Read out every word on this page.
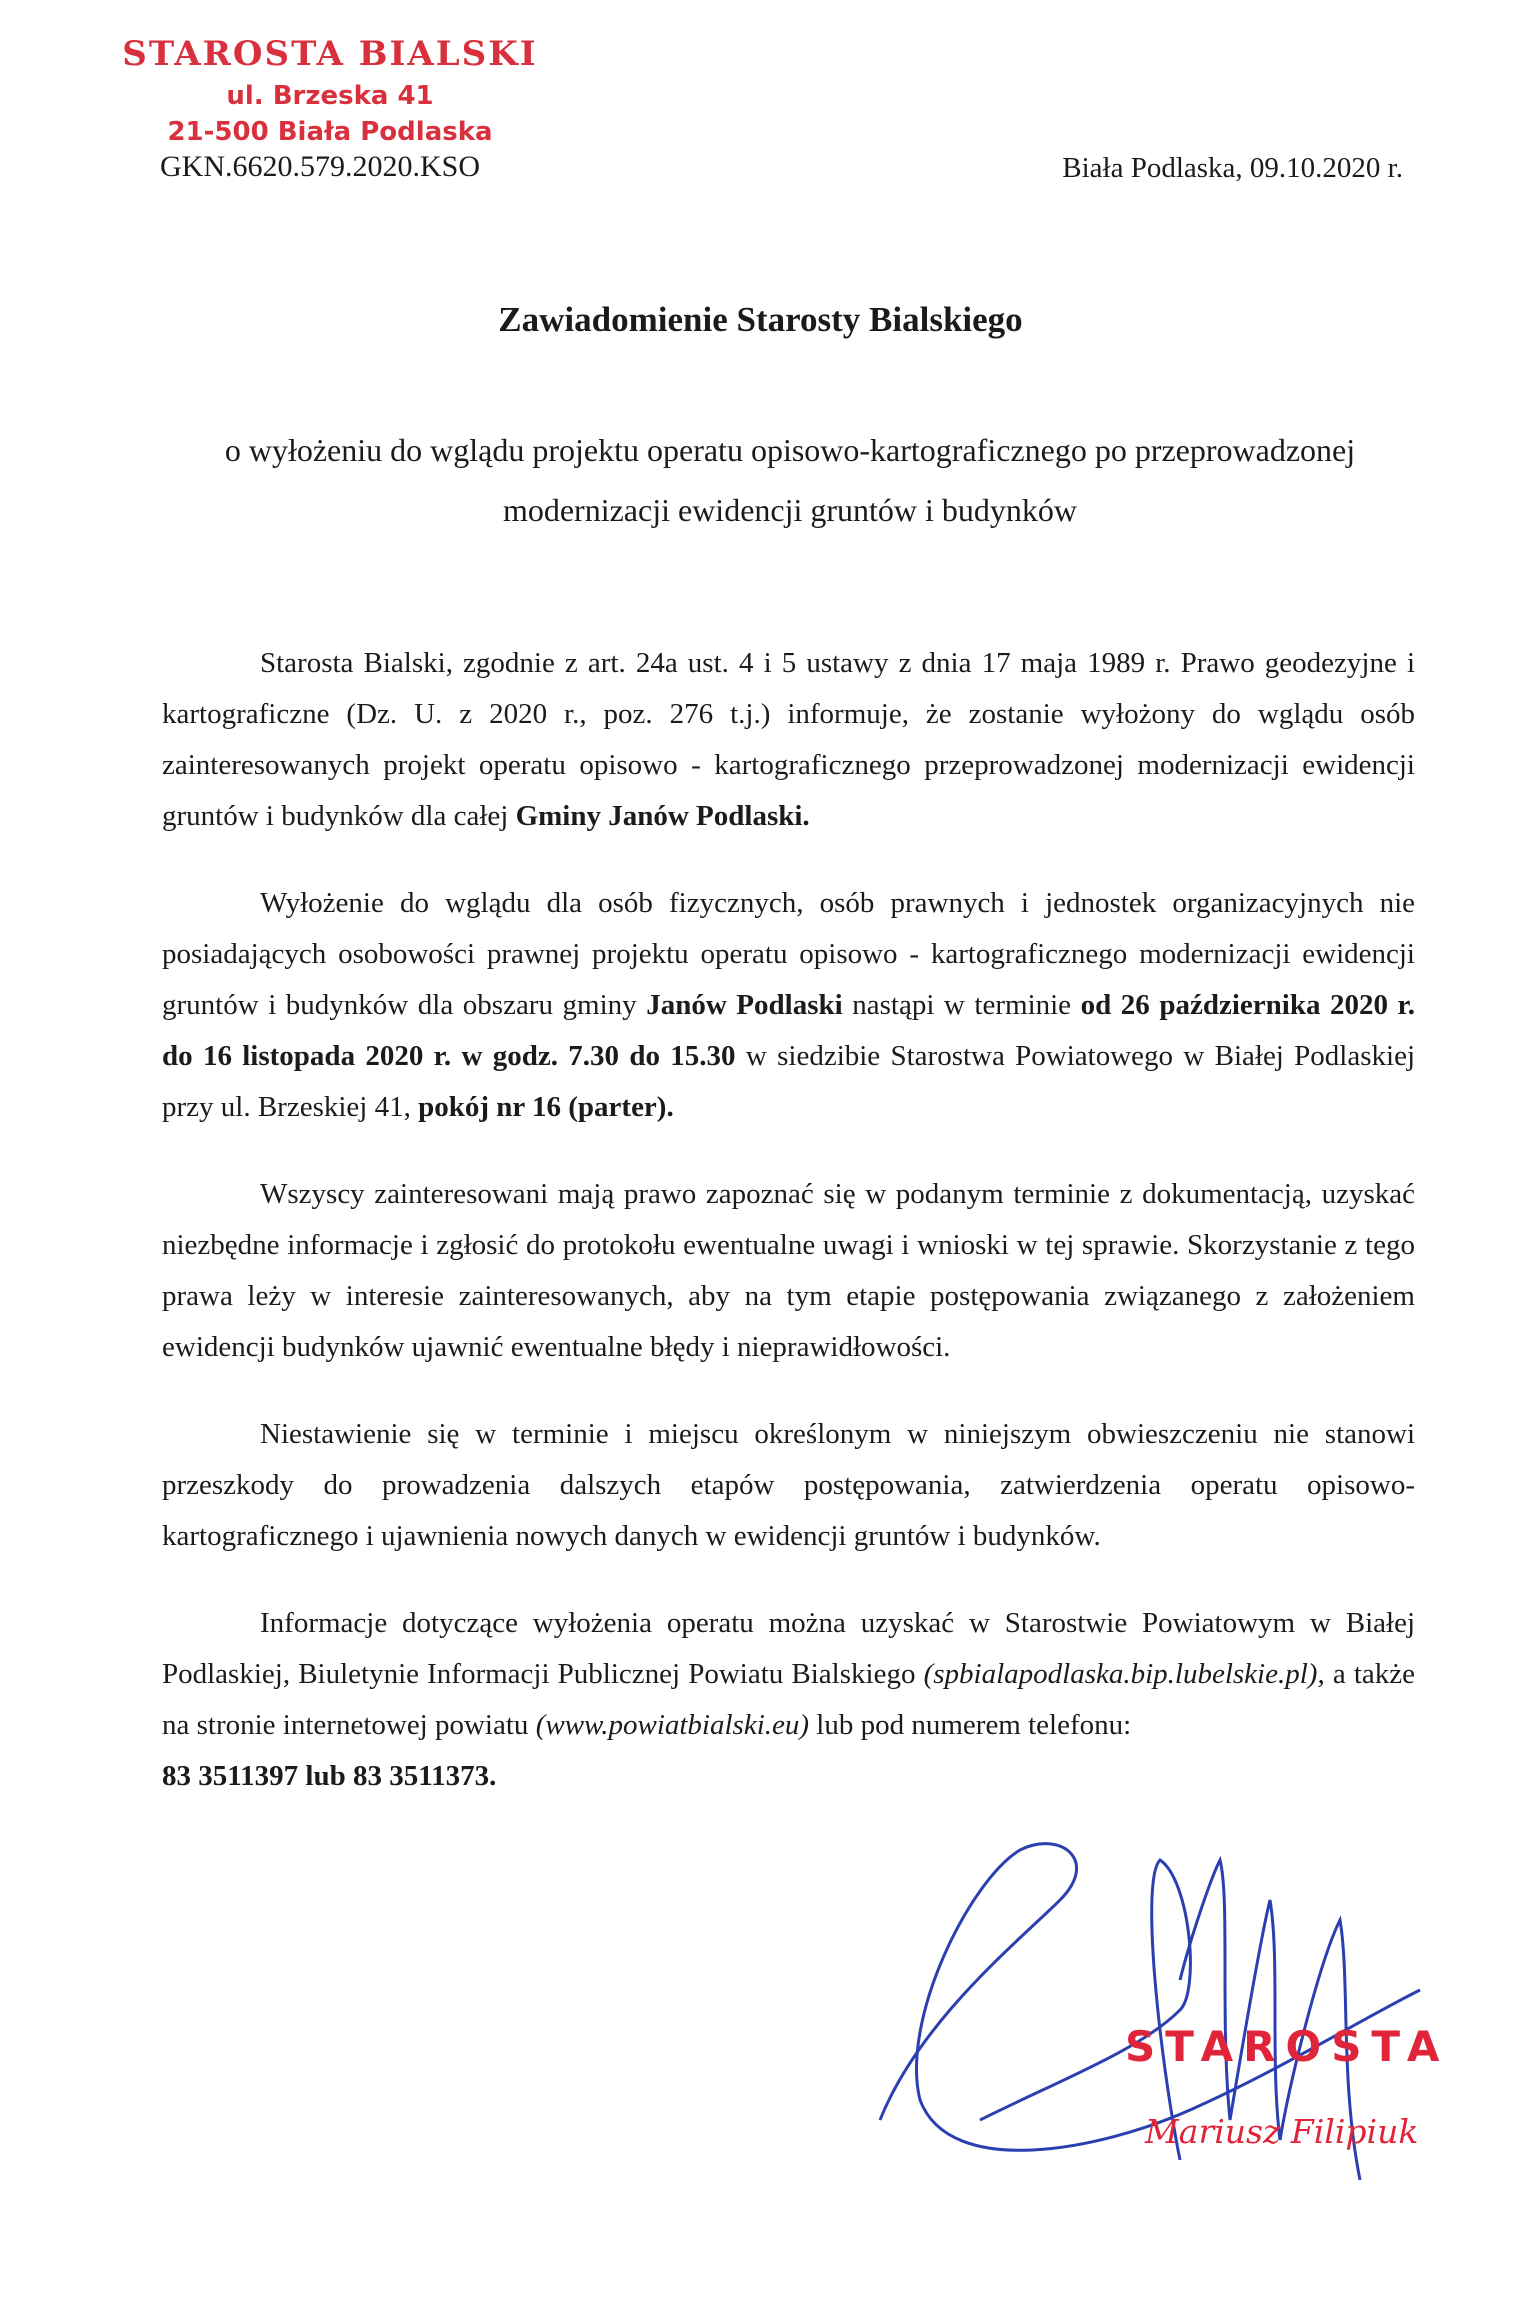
STAROSTA BIALSKI
ul. Brzeska 41
21-500 Biała Podlaska
GKN.6620.579.2020.KSO	Biała Podlaska, 09.10.2020 r.
Zawiadomienie Starosty Bialskiego
o wyłożeniu do wglądu projektu operatu opisowo-kartograficznego po przeprowadzonej
modernizacji ewidencji gruntów i budynków

Starosta Bialski, zgodnie z art. 24a ust. 4 i 5 ustawy z dnia 17 maja 1989 r. Prawo geodezyjne i kartograficzne (Dz. U. z 2020 r., poz. 276 t.j.) informuje, że zostanie wyłożony do wglądu osób zainteresowanych projekt operatu opisowo - kartograficznego przeprowadzonej modernizacji ewidencji gruntów i budynków dla całej Gminy Janów Podlaski.

Wyłożenie do wglądu dla osób fizycznych, osób prawnych i jednostek organizacyjnych nie posiadających osobowości prawnej projektu operatu opisowo - kartograficznego modernizacji ewidencji gruntów i budynków dla obszaru gminy Janów Podlaski nastąpi w terminie od 26 października 2020 r. do 16 listopada 2020 r. w godz. 7.30 do 15.30 w siedzibie Starostwa Powiatowego w Białej Podlaskiej przy ul. Brzeskiej 41, pokój nr 16 (parter).

Wszyscy zainteresowani mają prawo zapoznać się w podanym terminie z dokumentacją, uzyskać niezbędne informacje i zgłosić do protokołu ewentualne uwagi i wnioski w tej sprawie. Skorzystanie z tego prawa leży w interesie zainteresowanych, aby na tym etapie postępowania związanego z założeniem ewidencji budynków ujawnić ewentualne błędy i nieprawidłowości.

Niestawienie się w terminie i miejscu określonym w niniejszym obwieszczeniu nie stanowi przeszkody do prowadzenia dalszych etapów postępowania, zatwierdzenia operatu opisowo-kartograficznego i ujawnienia nowych danych w ewidencji gruntów i budynków.

Informacje dotyczące wyłożenia operatu można uzyskać w Starostwie Powiatowym w Białej Podlaskiej, Biuletynie Informacji Publicznej Powiatu Bialskiego (spbialapodlaska.bip.lubelskie.pl), a także na stronie internetowej powiatu (www.powiatbialski.eu) lub pod numerem telefonu:
83 3511397 lub 83 3511373.

STAROSTA
Mariusz Filipiuk
